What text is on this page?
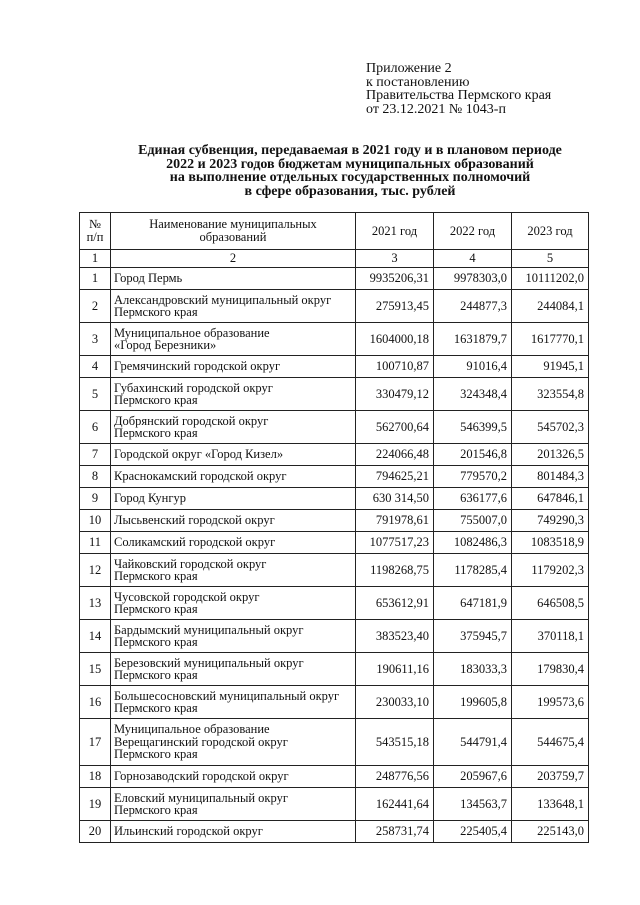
Приложение 2
к постановлению
Правительства Пермского края
от 23.12.2021 № 1043-п
Единая субвенция, передаваемая в 2021 году и в плановом периоде
2022 и 2023 годов бюджетам муниципальных образований
на выполнение отдельных государственных полномочий
в сфере образования, тыс. рублей
№ п/п	Наименование муниципальных
образований	2021 год	2022 год	2023 год
1	2	3	4	5
1	Город Пермь	9935206,31	9978303,0	10111202,0
2	Александровский муниципальный округ
Пермского края	275913,45	244877,3	244084,1
3	Муниципальное образование
«Город Березники»	1604000,18	1631879,7	1617770,1
4	Гремячинский городской округ	100710,87	91016,4	91945,1
5	Губахинский городской округ
Пермского края	330479,12	324348,4	323554,8
6	Добрянский городской округ
Пермского края	562700,64	546399,5	545702,3
7	Городской округ «Город Кизел»	224066,48	201546,8	201326,5
8	Краснокамский городской округ	794625,21	779570,2	801484,3
9	Город Кунгур	630 314,50	636177,6	647846,1
10	Лысьвенский городской округ	791978,61	755007,0	749290,3
11	Соликамский городской округ	1077517,23	1082486,3	1083518,9
12	Чайковский городской округ
Пермского края	1198268,75	1178285,4	1179202,3
13	Чусовской городской округ
Пермского края	653612,91	647181,9	646508,5
14	Бардымский муниципальный округ
Пермского края	383523,40	375945,7	370118,1
15	Березовский муниципальный округ
Пермского края	190611,16	183033,3	179830,4
16	Большесосновский муниципальный округ
Пермского края	230033,10	199605,8	199573,6
17	Муниципальное образование
Верещагинский городской округ
Пермского края	543515,18	544791,4	544675,4
18	Горнозаводский городской округ	248776,56	205967,6	203759,7
19	Еловский муниципальный округ
Пермского края	162441,64	134563,7	133648,1
20	Ильинский городской округ	258731,74	225405,4	225143,0
